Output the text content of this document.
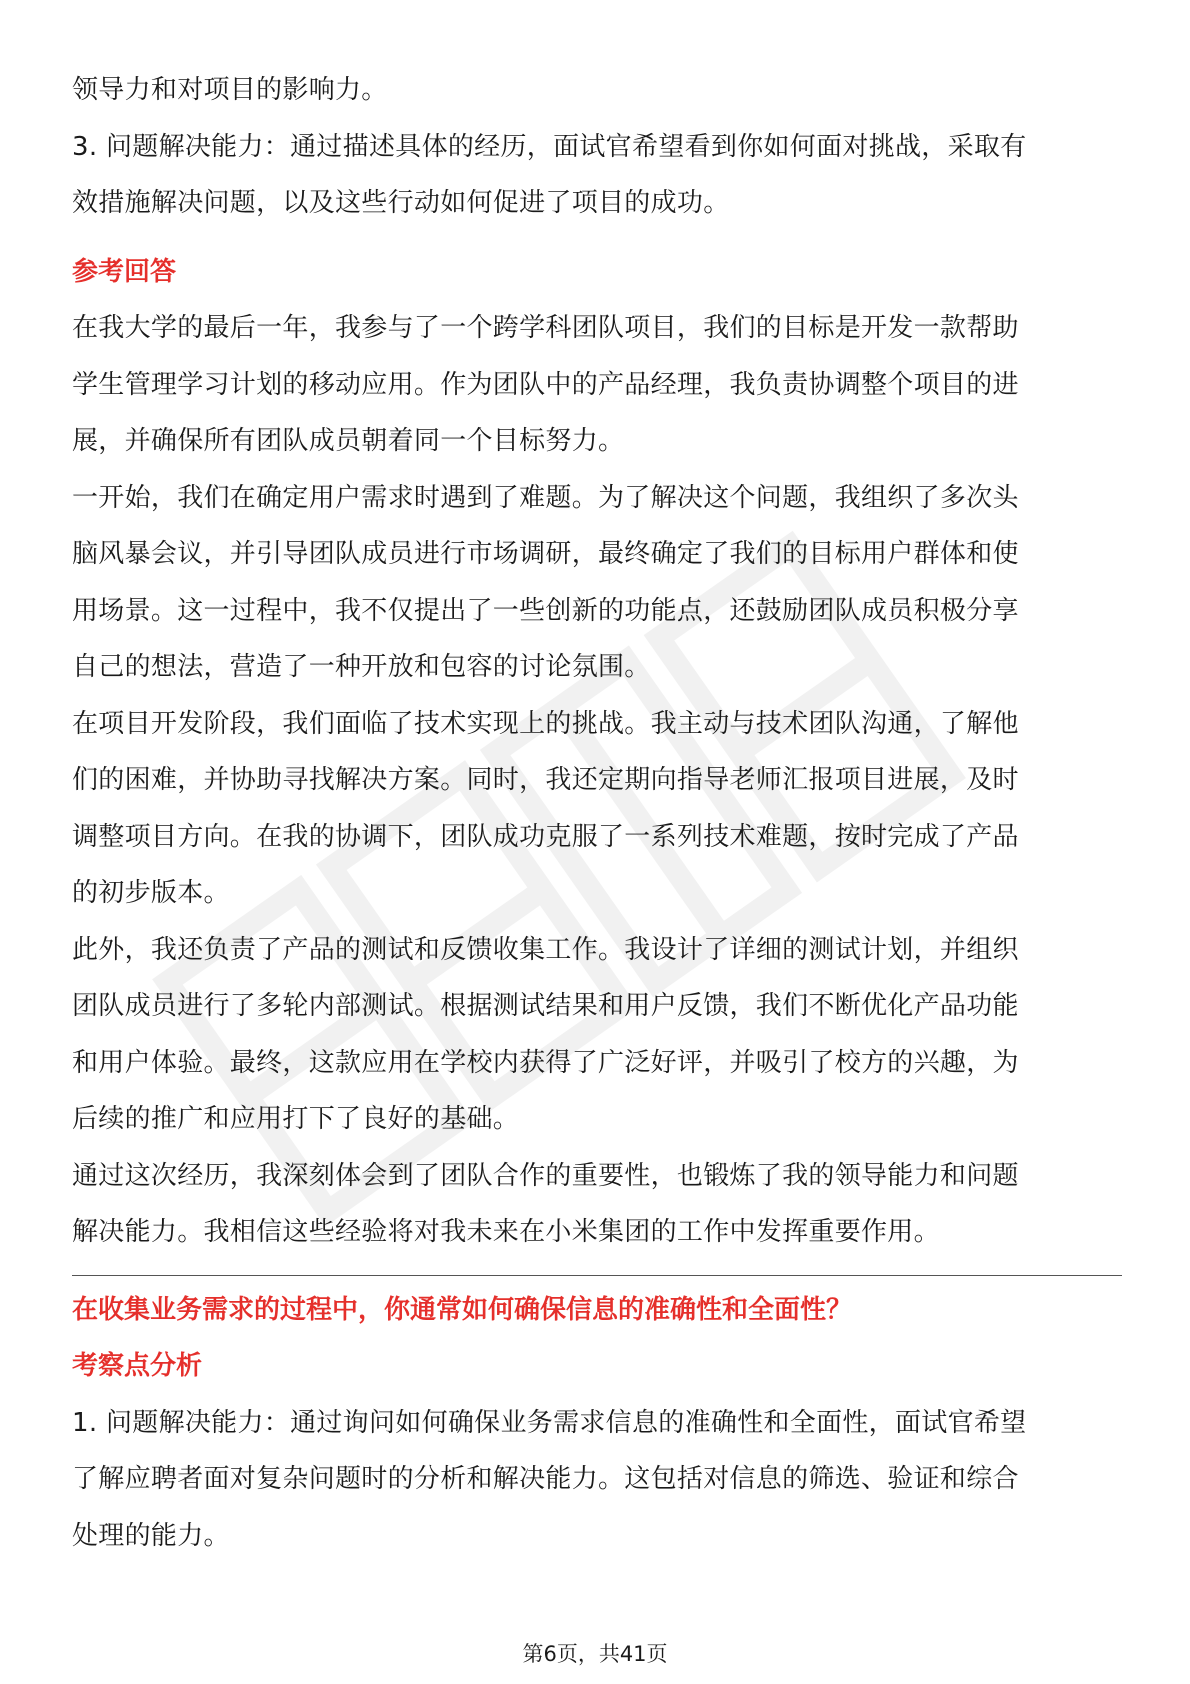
领导力和对项目的影响力。

3. 问题解决能力：通过描述具体的经历，面试官希望看到你如何面对挑战，采取有

效措施解决问题，以及这些行动如何促进了项目的成功。

参考回答

在我大学的最后一年，我参与了一个跨学科团队项目，我们的目标是开发一款帮助

学生管理学习计划的移动应用。作为团队中的产品经理，我负责协调整个项目的进

展，并确保所有团队成员朝着同一个目标努力。

一开始，我们在确定用户需求时遇到了难题。为了解决这个问题，我组织了多次头

脑风暴会议，并引导团队成员进行市场调研，最终确定了我们的目标用户群体和使

用场景。这一过程中，我不仅提出了一些创新的功能点，还鼓励团队成员积极分享

自己的想法，营造了一种开放和包容的讨论氛围。

在项目开发阶段，我们面临了技术实现上的挑战。我主动与技术团队沟通，了解他

们的困难，并协助寻找解决方案。同时，我还定期向指导老师汇报项目进展，及时

调整项目方向。在我的协调下，团队成功克服了一系列技术难题，按时完成了产品

的初步版本。

此外，我还负责了产品的测试和反馈收集工作。我设计了详细的测试计划，并组织

团队成员进行了多轮内部测试。根据测试结果和用户反馈，我们不断优化产品功能

和用户体验。最终，这款应用在学校内获得了广泛好评，并吸引了校方的兴趣，为

后续的推广和应用打下了良好的基础。

通过这次经历，我深刻体会到了团队合作的重要性，也锻炼了我的领导能力和问题

解决能力。我相信这些经验将对我未来在小米集团的工作中发挥重要作用。

在收集业务需求的过程中，你通常如何确保信息的准确性和全面性？

考察点分析

1. 问题解决能力：通过询问如何确保业务需求信息的准确性和全面性，面试官希望

了解应聘者面对复杂问题时的分析和解决能力。这包括对信息的筛选、验证和综合

处理的能力。

第6页，共41页
